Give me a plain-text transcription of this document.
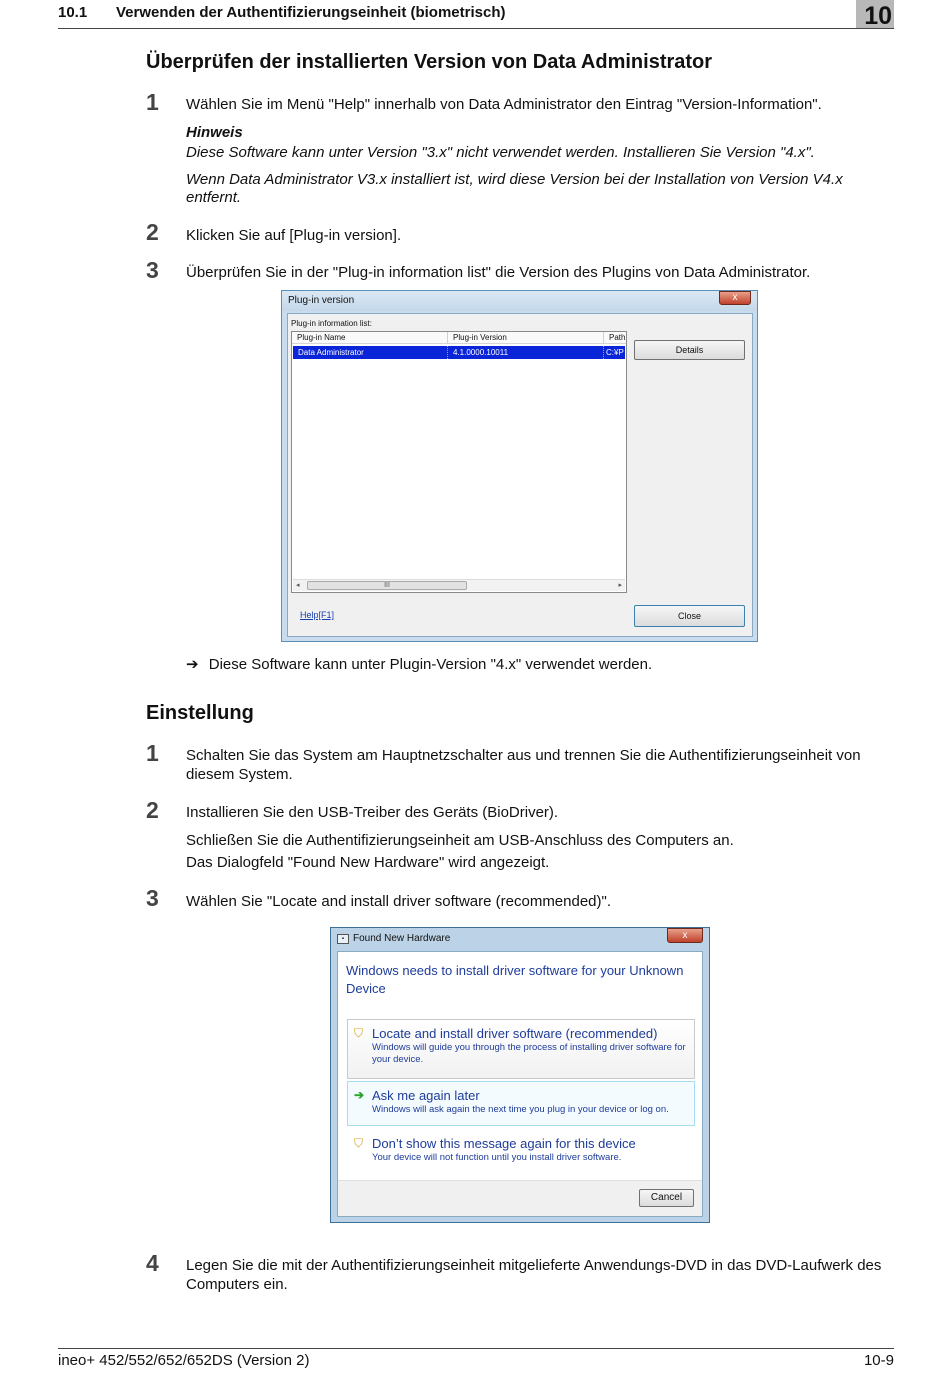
10.1 Verwenden der Authentifizierungseinheit (biometrisch)	10
Überprüfen der installierten Version von Data Administrator
1 Wählen Sie im Menü "Help" innerhalb von Data Administrator den Eintrag "Version-Information".
Hinweis
Diese Software kann unter Version "3.x" nicht verwendet werden. Installieren Sie Version "4.x".
Wenn Data Administrator V3.x installiert ist, wird diese Version bei der Installation von Version V4.x entfernt.
2 Klicken Sie auf [Plug-in version].
3 Überprüfen Sie in der "Plug-in information list" die Version des Plugins von Data Administrator.
Plug-in version	x
Plug-in information list:
Plug-in Name	Plug-in Version	Path
Data Administrator	4.1.0000.10011	C:¥P
◂	III	▸
Details
Help[F1]	Close
➔ Diese Software kann unter Plugin-Version "4.x" verwendet werden.
Einstellung
1 Schalten Sie das System am Hauptnetzschalter aus und trennen Sie die Authentifizierungseinheit von diesem System.
2 Installieren Sie den USB-Treiber des Geräts (BioDriver).
Schließen Sie die Authentifizierungseinheit am USB-Anschluss des Computers an.
Das Dialogfeld "Found New Hardware" wird angezeigt.
3 Wählen Sie "Locate and install driver software (recommended)".
▪ Found New Hardware	x
Windows needs to install driver software for your Unknown Device
⛉ Locate and install driver software (recommended)
Windows will guide you through the process of installing driver software for your device.
➔ Ask me again later
Windows will ask again the next time you plug in your device or log on.
⛉ Don’t show this message again for this device
Your device will not function until you install driver software.
Cancel
4 Legen Sie die mit der Authentifizierungseinheit mitgelieferte Anwendungs-DVD in das DVD-Laufwerk des Computers ein.
ineo+ 452/552/652/652DS (Version 2)	10-9
